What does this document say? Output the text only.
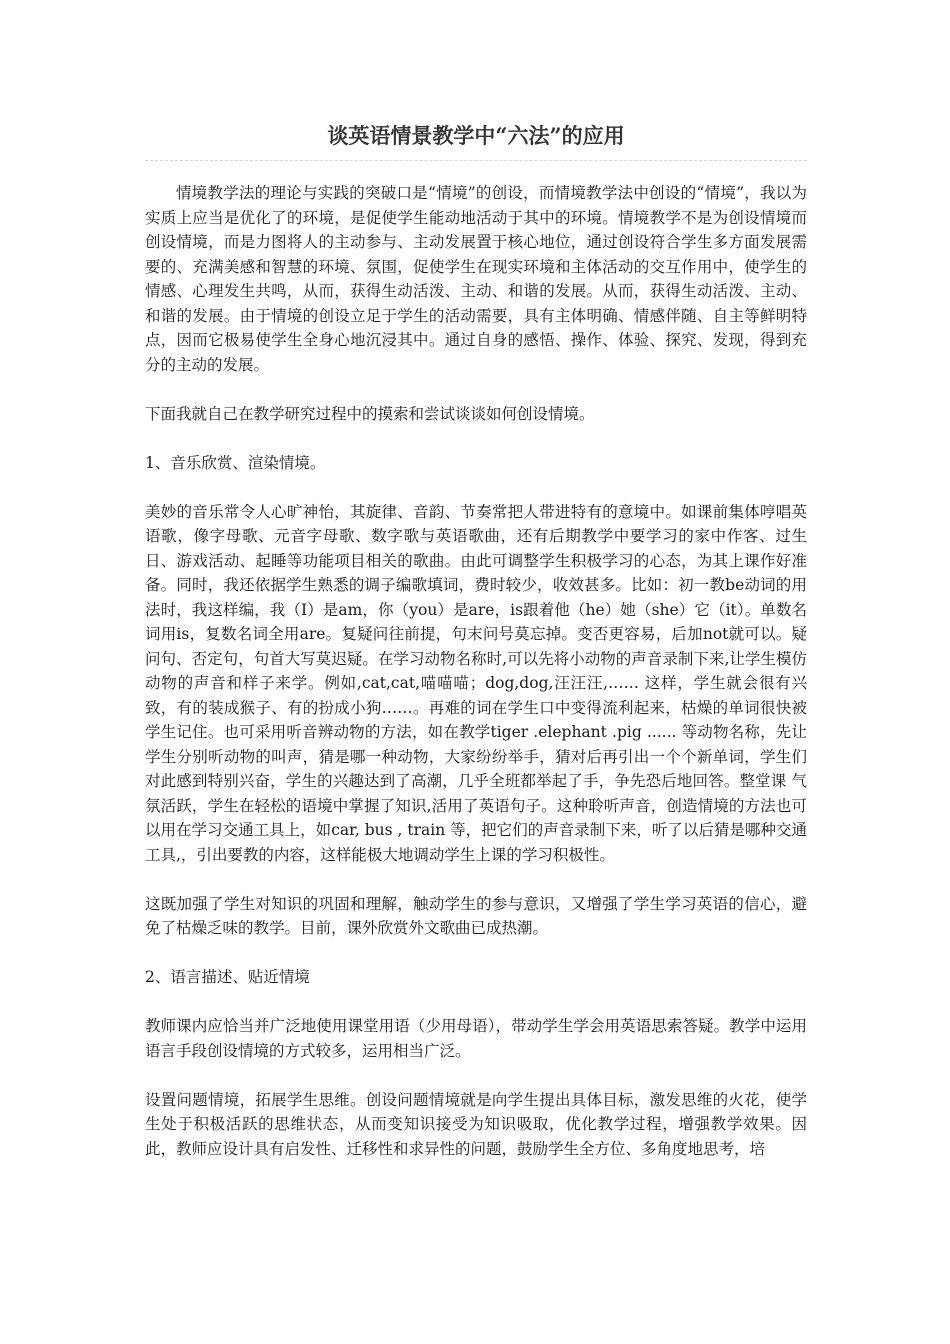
谈英语情景教学中“六法”的应用

情境教学法的理论与实践的突破口是“情境”的创设，而情境教学法中创设的“情境”，我以为实质上应当是优化了的环境，是促使学生能动地活动于其中的环境。情境教学不是为创设情境而创设情境，而是力图将人的主动参与、主动发展置于核心地位，通过创设符合学生多方面发展需要的、充满美感和智慧的环境、氛围，促使学生在现实环境和主体活动的交互作用中，使学生的情感、心理发生共鸣，从而，获得生动活泼、主动、和谐的发展。从而，获得生动活泼、主动、和谐的发展。由于情境的创设立足于学生的活动需要，具有主体明确、情感伴随、自主等鲜明特点，因而它极易使学生全身心地沉浸其中。通过自身的感悟、操作、体验、探究、发现，得到充分的主动的发展。

下面我就自己在教学研究过程中的摸索和尝试谈谈如何创设情境。

1、音乐欣赏、渲染情境。

美妙的音乐常令人心旷神怡，其旋律、音韵、节奏常把人带进特有的意境中。如课前集体哼唱英语歌，像字母歌、元音字母歌、数字歌与英语歌曲，还有后期教学中要学习的家中作客、过生日、游戏活动、起睡等功能项目相关的歌曲。由此可调整学生积极学习的心态，为其上课作好准备。同时，我还依据学生熟悉的调子编歌填词，费时较少，收效甚多。比如：初一教be动词的用法时，我这样编，我（I）是am，你（you）是are，is跟着他（he）她（she）它（it）。单数名词用is，复数名词全用are。复疑问往前提，句末问号莫忘掉。变否更容易，后加not就可以。疑问句、否定句，句首大写莫迟疑。在学习动物名称时,可以先将小动物的声音录制下来,让学生模仿动物的声音和样子来学。例如,cat,cat,喵喵喵；dog,dog,汪汪汪,…… 这样，学生就会很有兴致，有的装成猴子、有的扮成小狗……。再难的词在学生口中变得流利起来，枯燥的单词很快被学生记住。也可采用听音辨动物的方法，如在教学tiger .elephant .pig ...... 等动物名称，先让学生分别听动物的叫声，猜是哪一种动物，大家纷纷举手，猜对后再引出一个个新单词，学生们对此感到特别兴奋，学生的兴趣达到了高潮，几乎全班都举起了手，争先恐后地回答。整堂课 气氛活跃，学生在轻松的语境中掌握了知识,活用了英语句子。这种聆听声音，创造情境的方法也可以用在学习交通工具上，如car, bus , train 等，把它们的声音录制下来，听了以后猜是哪种交通工具,，引出要教的内容，这样能极大地调动学生上课的学习积极性。

这既加强了学生对知识的巩固和理解，触动学生的参与意识，又增强了学生学习英语的信心，避免了枯燥乏味的教学。目前，课外欣赏外文歌曲已成热潮。

2、语言描述、贴近情境

教师课内应恰当并广泛地使用课堂用语（少用母语），带动学生学会用英语思索答疑。教学中运用语言手段创设情境的方式较多，运用相当广泛。

设置问题情境，拓展学生思维。创设问题情境就是向学生提出具体目标，激发思维的火花，使学生处于积极活跃的思维状态，从而变知识接受为知识吸取，优化教学过程，增强教学效果。因此，教师应设计具有启发性、迁移性和求异性的问题，鼓励学生全方位、多角度地思考，培
